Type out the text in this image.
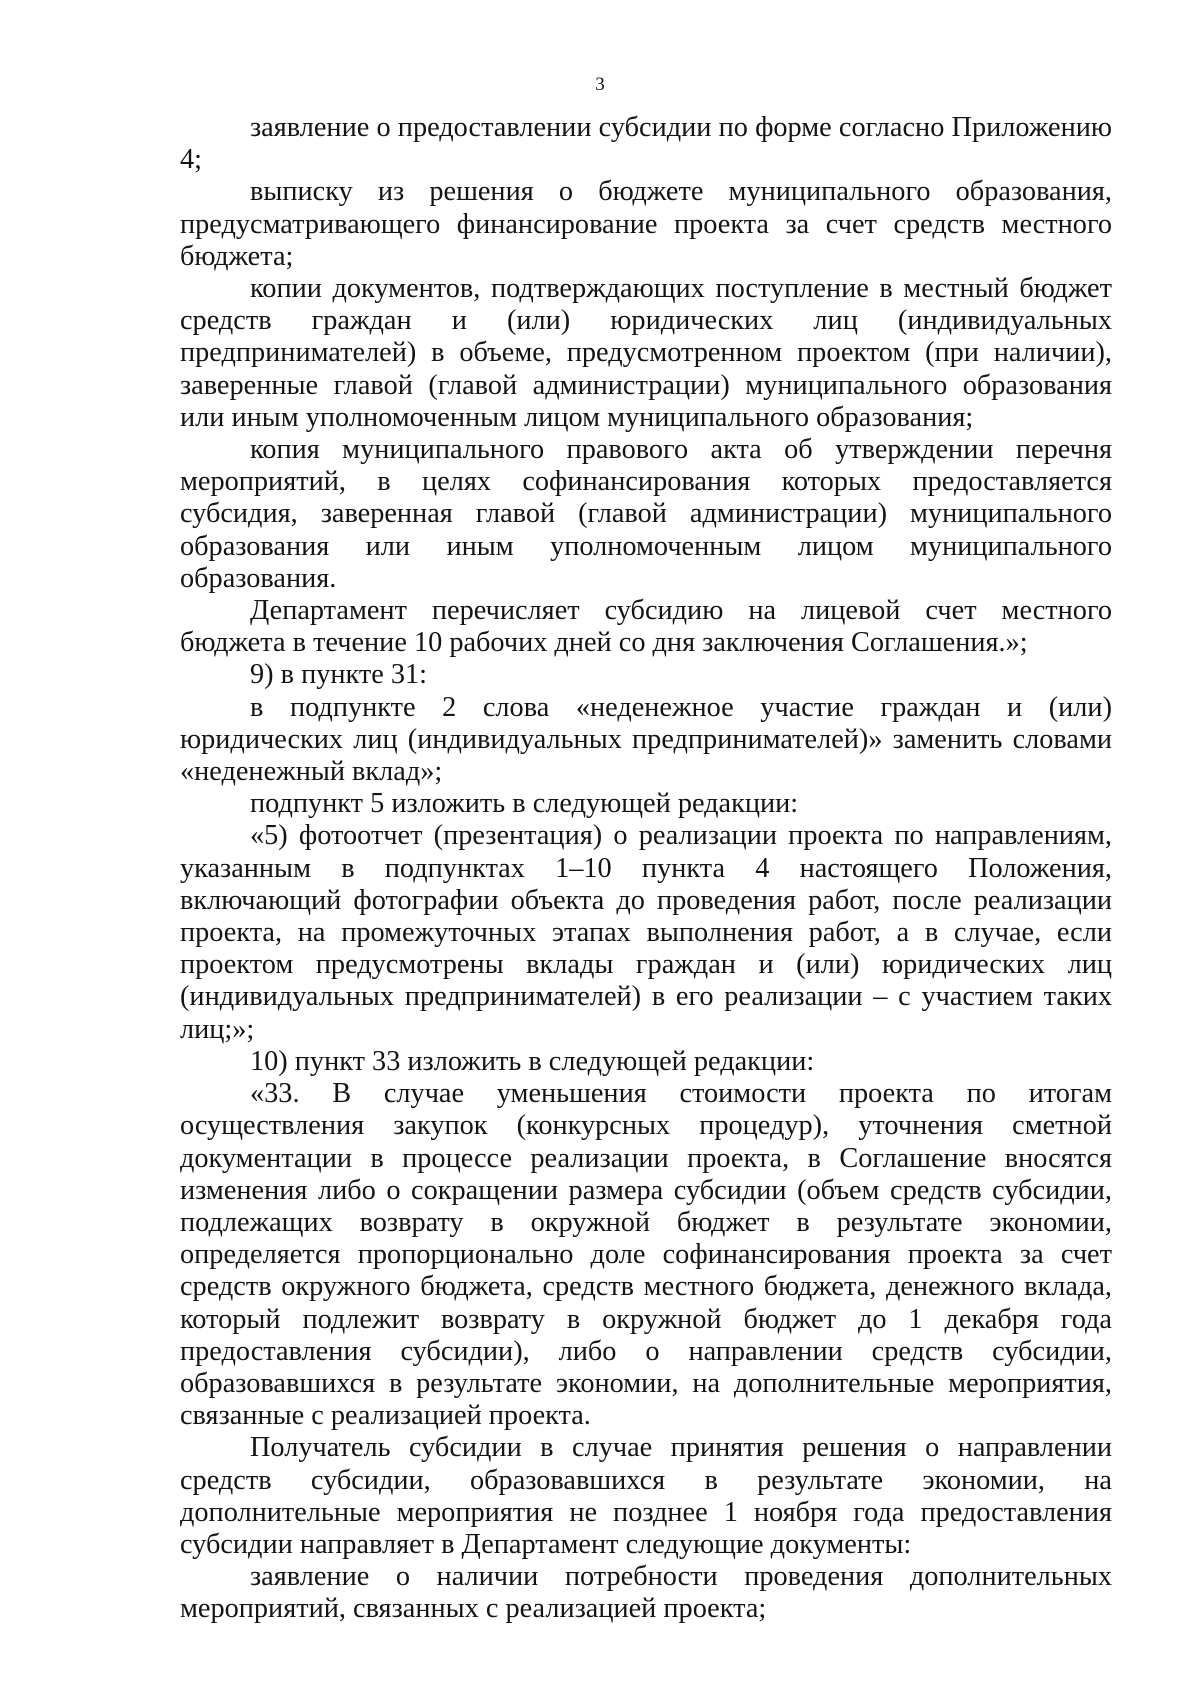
3

заявление о предоставлении субсидии по форме согласно Приложению 4;

выписку из решения о бюджете муниципального образования, предусматривающего финансирование проекта за счет средств местного бюджета;

копии документов, подтверждающих поступление в местный бюджет средств граждан и (или) юридических лиц (индивидуальных предпринимателей) в объеме, предусмотренном проектом (при наличии), заверенные главой (главой администрации) муниципального образования или иным уполномоченным лицом муниципального образования;

копия муниципального правового акта об утверждении перечня мероприятий, в целях софинансирования которых предоставляется субсидия, заверенная главой (главой администрации) муниципального образования или иным уполномоченным лицом муниципального образования.

Департамент перечисляет субсидию на лицевой счет местного бюджета в течение 10 рабочих дней со дня заключения Соглашения.»;

9) в пункте 31:

в подпункте 2 слова «неденежное участие граждан и (или) юридических лиц (индивидуальных предпринимателей)» заменить словами «неденежный вклад»;

подпункт 5 изложить в следующей редакции:

«5) фотоотчет (презентация) о реализации проекта по направлениям, указанным в подпунктах 1–10 пункта 4 настоящего Положения, включающий фотографии объекта до проведения работ, после реализации проекта, на промежуточных этапах выполнения работ, а в случае, если проектом предусмотрены вклады граждан и (или) юридических лиц (индивидуальных предпринимателей) в его реализации – с участием таких лиц;»;

10) пункт 33 изложить в следующей редакции:

«33. В случае уменьшения стоимости проекта по итогам осуществления закупок (конкурсных процедур), уточнения сметной документации в процессе реализации проекта, в Соглашение вносятся изменения либо о сокращении размера субсидии (объем средств субсидии, подлежащих возврату в окружной бюджет в результате экономии, определяется пропорционально доле софинансирования проекта за счет средств окружного бюджета, средств местного бюджета, денежного вклада, который подлежит возврату в окружной бюджет до 1 декабря года предоставления субсидии), либо о направлении средств субсидии, образовавшихся в результате экономии, на дополнительные мероприятия, связанные с реализацией проекта.

Получатель субсидии в случае принятия решения о направлении средств субсидии, образовавшихся в результате экономии, на дополнительные мероприятия не позднее 1 ноября года предоставления субсидии направляет в Департамент следующие документы:

заявление о наличии потребности проведения дополнительных мероприятий, связанных с реализацией проекта;
